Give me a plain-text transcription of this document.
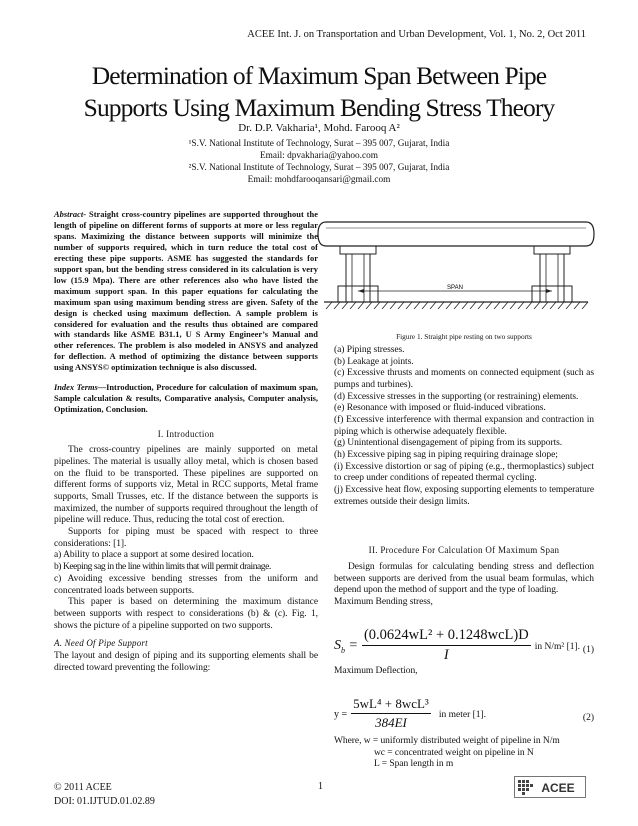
ACEE Int. J. on Transportation and Urban Development, Vol. 1, No. 2, Oct 2011
Determination of Maximum Span Between Pipe
Supports Using Maximum Bending Stress Theory
Dr. D.P. Vakharia¹, Mohd. Farooq A²
¹S.V. National Institute of Technology, Surat – 395 007, Gujarat, India
Email: dpvakharia@yahoo.com
²S.V. National Institute of Technology, Surat – 395 007, Gujarat, India
Email: mohdfarooqansari@gmail.com
Abstract- Straight cross-country pipelines are supported throughout the length of pipeline on different forms of supports at more or less regular spans. Maximizing the distance between supports will minimize the number of supports required, which in turn reduce the total cost of erecting these pipe supports. ASME has suggested the standards for support span, but the bending stress considered in its calculation is very low (15.9 Mpa). There are other references also who have listed the maximum support span. In this paper equations for calculating the maximum span using maximum bending stress are given. Safety of the design is checked using maximum deflection. A sample problem is considered for evaluation and the results thus obtained are compared with standards like ASME B31.1, U S Army Engineer’s Manual and other references. The problem is also modeled in ANSYS and analyzed for deflection. A method of optimizing the distance between supports using ANSYS© optimization technique is also discussed.
Index Terms—Introduction, Procedure for calculation of maximum span, Sample calculation & results, Comparative analysis, Computer analysis, Optimization, Conclusion.
I. Introduction
The cross-country pipelines are mainly supported on metal pipelines. The material is usually alloy metal, which is chosen based on the fluid to be transported. These pipelines are supported on different forms of supports viz, Metal in RCC supports, Metal frame supports, Small Trusses, etc. If the distance between the supports is maximized, the number of supports required throughout the length of pipeline will reduce. Thus, reducing the total cost of erection.
Supports for piping must be spaced with respect to three considerations: [1].
a) Ability to place a support at some desired location.
b) Keeping sag in the line within limits that will permit drainage.
c) Avoiding excessive bending stresses from the uniform and concentrated loads between supports.
This paper is based on determining the maximum distance between supports with respect to considerations (b) & (c). Fig. 1, shows the picture of a pipeline supported on two supports.
A. Need Of Pipe Support
The layout and design of piping and its supporting elements shall be directed toward preventing the following:
SPAN
Figure 1. Straight pipe resting on two supports
(a) Piping stresses.
(b) Leakage at joints.
(c) Excessive thrusts and moments on connected equipment (such as pumps and turbines).
(d) Excessive stresses in the supporting (or restraining) elements.
(e) Resonance with imposed or fluid-induced vibrations.
(f) Excessive interference with thermal expansion and contraction in piping which is otherwise adequately flexible.
(g) Unintentional disengagement of piping from its supports.
(h) Excessive piping sag in piping requiring drainage slope;
(i) Excessive distortion or sag of piping (e.g., thermoplastics) subject to creep under conditions of repeated thermal cycling.
(j) Excessive heat flow, exposing supporting elements to temperature extremes outside their design limits.
II. Procedure For Calculation Of Maximum Span
Design formulas for calculating bending stress and deflection between supports are derived from the usual beam formulas, which depend upon the method of support and the type of loading.
Maximum Bending stress,
$S_b = \frac{\text{(0.0624wL² + 0.1248wcL)D}}{I}$ in N/m² [1]. (1)
Maximum Deflection,
$y = \frac{\text{5wL⁴ + 8wcL³}}{384EI}$ in meter [1].	(2)
Where, w = uniformly distributed weight of pipeline in N/m
wc = concentrated weight on pipeline in N
L = Span length in m
© 2011 ACEE
DOI: 01.IJTUD.01.02.89
1	ACEE
